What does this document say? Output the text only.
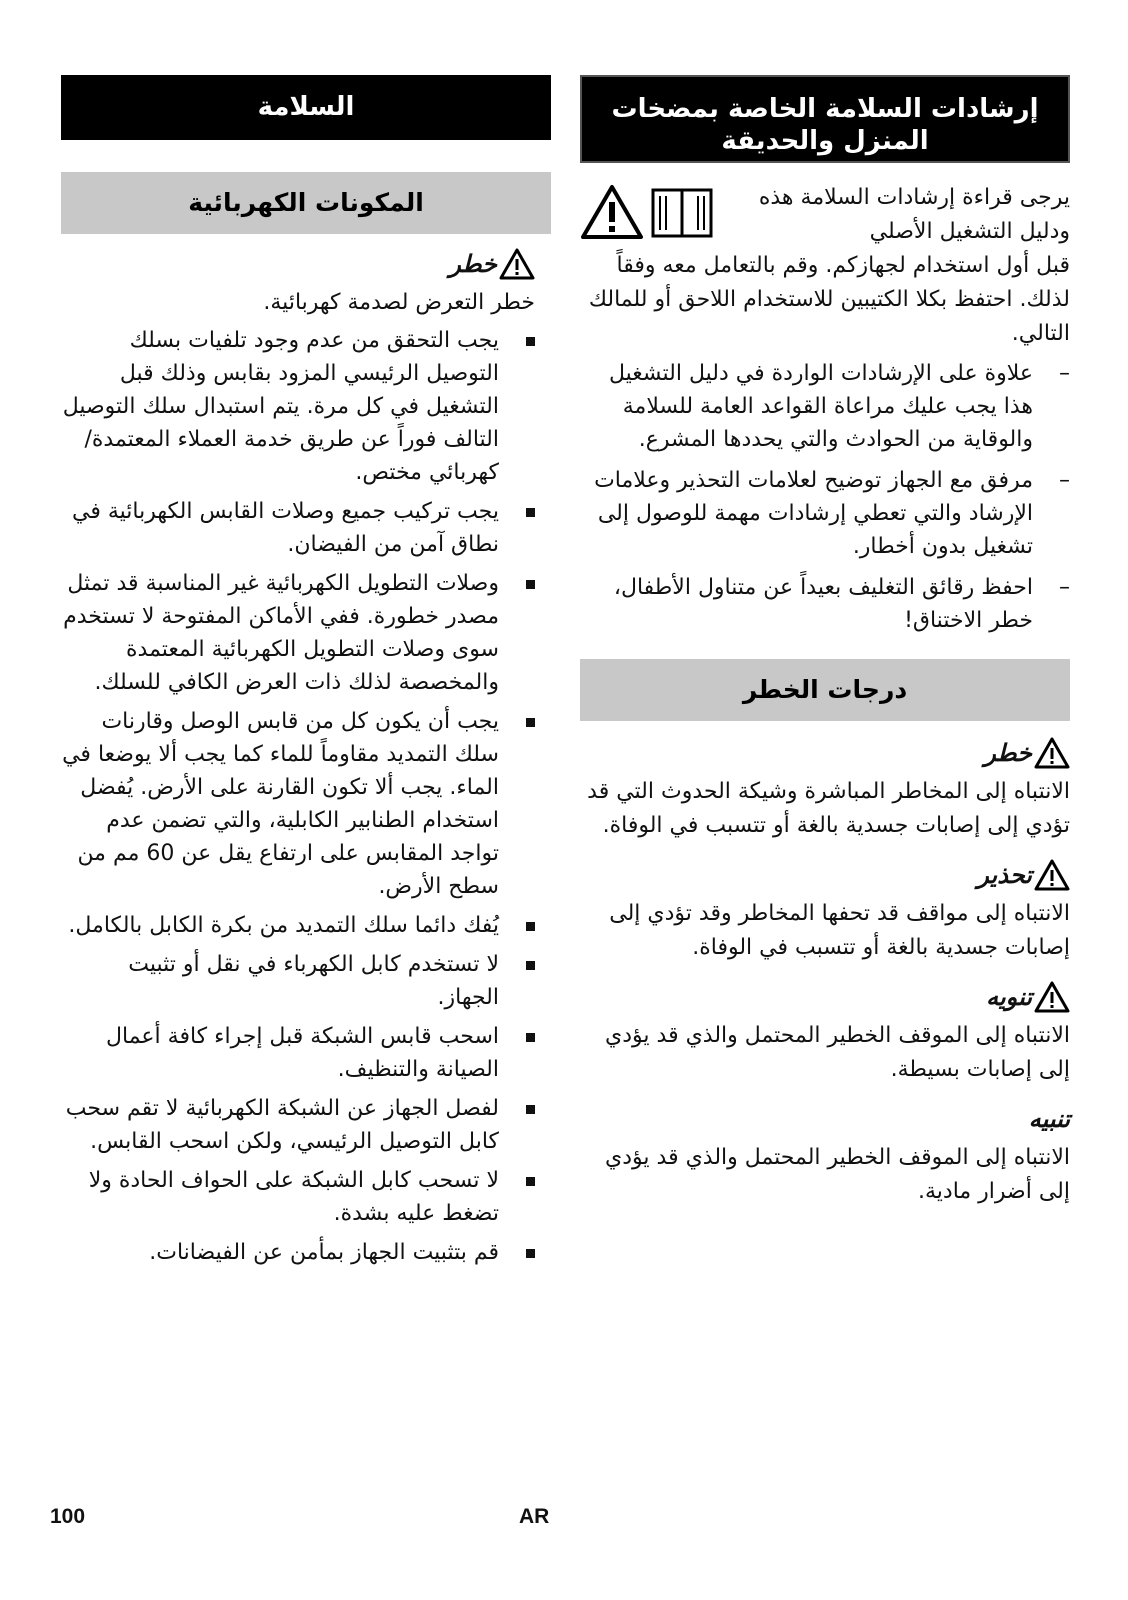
إرشادات السلامة الخاصة بمضخات المنزل والحديقة
يرجى قراءة إرشادات السلامة هذه ودليل التشغيل الأصلي
قبل أول استخدام لجهازكم. وقم بالتعامل معه وفقاً لذلك. احتفظ بكلا الكتيبين للاستخدام اللاحق أو للمالك التالي.
–
علاوة على الإرشادات الواردة في دليل التشغيل هذا يجب عليك مراعاة القواعد العامة للسلامة والوقاية من الحوادث والتي يحددها المشرع.
–
مرفق مع الجهاز توضيح لعلامات التحذير وعلامات الإرشاد والتي تعطي إرشادات مهمة للوصول إلى تشغيل بدون أخطار.
–
احفظ رقائق التغليف بعيداً عن متناول الأطفال، خطر الاختناق!
درجات الخطر
خطر
الانتباه إلى المخاطر المباشرة وشيكة الحدوث التي قد تؤدي إلى إصابات جسدية بالغة أو تتسبب في الوفاة.
تحذير
الانتباه إلى مواقف قد تحفها المخاطر وقد تؤدي إلى إصابات جسدية بالغة أو تتسبب في الوفاة.
تنويه
الانتباه إلى الموقف الخطير المحتمل والذي قد يؤدي إلى إصابات بسيطة.
تنبيه
الانتباه إلى الموقف الخطير المحتمل والذي قد يؤدي إلى أضرار مادية.
السلامة
المكونات الكهربائية
خطر
خطر التعرض لصدمة كهربائية.
يجب التحقق من عدم وجود تلفيات بسلك التوصيل الرئيسي المزود بقابس وذلك قبل التشغيل في كل مرة. يتم استبدال سلك التوصيل التالف فوراً عن طريق خدمة العملاء المعتمدة/كهربائي مختص.
يجب تركيب جميع وصلات القابس الكهربائية في نطاق آمن من الفيضان.
وصلات التطويل الكهربائية غير المناسبة قد تمثل مصدر خطورة. ففي الأماكن المفتوحة لا تستخدم سوى وصلات التطويل الكهربائية المعتمدة والمخصصة لذلك ذات العرض الكافي للسلك.
يجب أن يكون كل من قابس الوصل وقارنات سلك التمديد مقاوماً للماء كما يجب ألا يوضعا في الماء. يجب ألا تكون القارنة على الأرض. يُفضل استخدام الطنابير الكابلية، والتي تضمن عدم تواجد المقابس على ارتفاع يقل عن 60 مم من سطح الأرض.
يُفك دائما سلك التمديد من بكرة الكابل بالكامل.
لا تستخدم كابل الكهرباء في نقل أو تثبيت الجهاز.
اسحب قابس الشبكة قبل إجراء كافة أعمال الصيانة والتنظيف.
لفصل الجهاز عن الشبكة الكهربائية لا تقم سحب كابل التوصيل الرئيسي، ولكن اسحب القابس.
لا تسحب كابل الشبكة على الحواف الحادة ولا تضغط عليه بشدة.
قم بتثبيت الجهاز بمأمن عن الفيضانات.
100	AR
